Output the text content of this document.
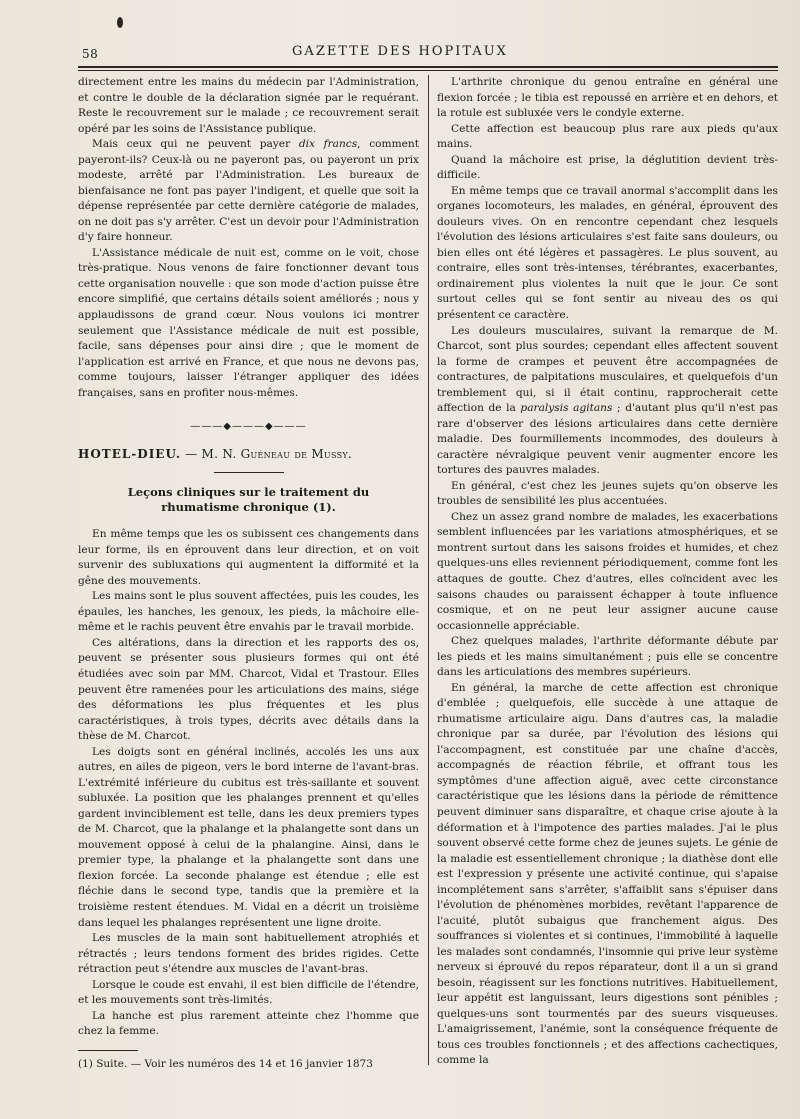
58	GAZETTE DES HOPITAUX

directement entre les mains du médecin par l'Administration, et contre le double de la déclaration signée par le requérant. Reste le recouvrement sur le malade ; ce recouvrement serait opéré par les soins de l'Assistance publique.

Mais ceux qui ne peuvent payer dix francs, comment payeront-ils? Ceux-là ou ne payeront pas, ou payeront un prix modeste, arrêté par l'Administration. Les bureaux de bienfaisance ne font pas payer l'indigent, et quelle que soit la dépense représentée par cette dernière catégorie de malades, on ne doit pas s'y arrêter. C'est un devoir pour l'Administration d'y faire honneur.

L'Assistance médicale de nuit est, comme on le voit, chose très-pratique. Nous venons de faire fonctionner devant tous cette organisation nouvelle : que son mode d'action puisse être encore simplifié, que certains détails soient améliorés ; nous y applaudissons de grand cœur. Nous voulons ici montrer seulement que l'Assistance médicale de nuit est possible, facile, sans dépenses pour ainsi dire ; que le moment de l'application est arrivé en France, et que nous ne devons pas, comme toujours, laisser l'étranger appliquer des idées françaises, sans en profiter nous-mêmes.

———◆———◆———
HOTEL-DIEU. — M. N. Guéneau de Mussy.
Leçons cliniques sur le traitement du rhumatisme chronique (1).

En même temps que les os subissent ces changements dans leur forme, ils en éprouvent dans leur direction, et on voit survenir des subluxations qui augmentent la difformité et la gêne des mouvements.

Les mains sont le plus souvent affectées, puis les coudes, les épaules, les hanches, les genoux, les pieds, la mâchoire elle-même et le rachis peuvent être envahis par le travail morbide.

Ces altérations, dans la direction et les rapports des os, peuvent se présenter sous plusieurs formes qui ont été étudiées avec soin par MM. Charcot, Vidal et Trastour. Elles peuvent être ramenées pour les articulations des mains, siége des déformations les plus fréquentes et les plus caractéristiques, à trois types, décrits avec détails dans la thèse de M. Charcot.

Les doigts sont en général inclinés, accolés les uns aux autres, en ailes de pigeon, vers le bord interne de l'avant-bras. L'extrémité inférieure du cubitus est très-saillante et souvent subluxée. La position que les phalanges prennent et qu'elles gardent invinciblement est telle, dans les deux premiers types de M. Charcot, que la phalange et la phalangette sont dans un mouvement opposé à celui de la phalangine. Ainsi, dans le premier type, la phalange et la phalangette sont dans une flexion forcée. La seconde phalange est étendue ; elle est fléchie dans le second type, tandis que la première et la troisième restent étendues. M. Vidal en a décrit un troisième dans lequel les phalanges représentent une ligne droite.

Les muscles de la main sont habituellement atrophiés et rétractés ; leurs tendons forment des brides rigides. Cette rétraction peut s'étendre aux muscles de l'avant-bras.

Lorsque le coude est envahi, il est bien difficile de l'étendre, et les mouvements sont très-limités.

La hanche est plus rarement atteinte chez l'homme que chez la femme.

(1) Suite. — Voir les numéros des 14 et 16 janvier 1873

L'arthrite chronique du genou entraîne en général une flexion forcée ; le tibia est repoussé en arrière et en dehors, et la rotule est subluxée vers le condyle externe.

Cette affection est beaucoup plus rare aux pieds qu'aux mains.

Quand la mâchoire est prise, la déglutition devient très-difficile.

En même temps que ce travail anormal s'accomplit dans les organes locomoteurs, les malades, en général, éprouvent des douleurs vives. On en rencontre cependant chez lesquels l'évolution des lésions articulaires s'est faite sans douleurs, ou bien elles ont été légères et passagères. Le plus souvent, au contraire, elles sont très-intenses, térébrantes, exacerbantes, ordinairement plus violentes la nuit que le jour. Ce sont surtout celles qui se font sentir au niveau des os qui présentent ce caractère.

Les douleurs musculaires, suivant la remarque de M. Charcot, sont plus sourdes; cependant elles affectent souvent la forme de crampes et peuvent être accompagnées de contractures, de palpitations musculaires, et quelquefois d'un tremblement qui, si il était continu, rapprocherait cette affection de la paralysis agitans ; d'autant plus qu'il n'est pas rare d'observer des lésions articulaires dans cette dernière maladie. Des fourmillements incommodes, des douleurs à caractère névralgique peuvent venir augmenter encore les tortures des pauvres malades.

En général, c'est chez les jeunes sujets qu'on observe les troubles de sensibilité les plus accentuées.

Chez un assez grand nombre de malades, les exacerbations semblent influencées par les variations atmosphériques, et se montrent surtout dans les saisons froides et humides, et chez quelques-uns elles reviennent périodiquement, comme font les attaques de goutte. Chez d'autres, elles coïncident avec les saisons chaudes ou paraissent échapper à toute influence cosmique, et on ne peut leur assigner aucune cause occasionnelle appréciable.

Chez quelques malades, l'arthrite déformante débute par les pieds et les mains simultanément ; puis elle se concentre dans les articulations des membres supérieurs.

En général, la marche de cette affection est chronique d'emblée ; quelquefois, elle succède à une attaque de rhumatisme articulaire aigu. Dans d'autres cas, la maladie chronique par sa durée, par l'évolution des lésions qui l'accompagnent, est constituée par une chaîne d'accès, accompagnés de réaction fébrile, et offrant tous les symptômes d'une affection aiguë, avec cette circonstance caractéristique que les lésions dans la période de rémittence peuvent diminuer sans disparaître, et chaque crise ajoute à la déformation et à l'impotence des parties malades. J'ai le plus souvent observé cette forme chez de jeunes sujets. Le génie de la maladie est essentiellement chronique ; la diathèse dont elle est l'expression y présente une activité continue, qui s'apaise incomplétement sans s'arrêter, s'affaiblit sans s'épuiser dans l'évolution de phénomènes morbides, revêtant l'apparence de l'acuité, plutôt subaigus que franchement aigus. Des souffrances si violentes et si continues, l'immobilité à laquelle les malades sont condamnés, l'insomnie qui prive leur système nerveux si éprouvé du repos réparateur, dont il a un si grand besoin, réagissent sur les fonctions nutritives. Habituellement, leur appétit est languissant, leurs digestions sont pénibles ; quelques-uns sont tourmentés par des sueurs visqueuses. L'amaigrissement, l'anémie, sont la conséquence fréquente de tous ces troubles fonctionnels ; et des affections cachectiques, comme la
